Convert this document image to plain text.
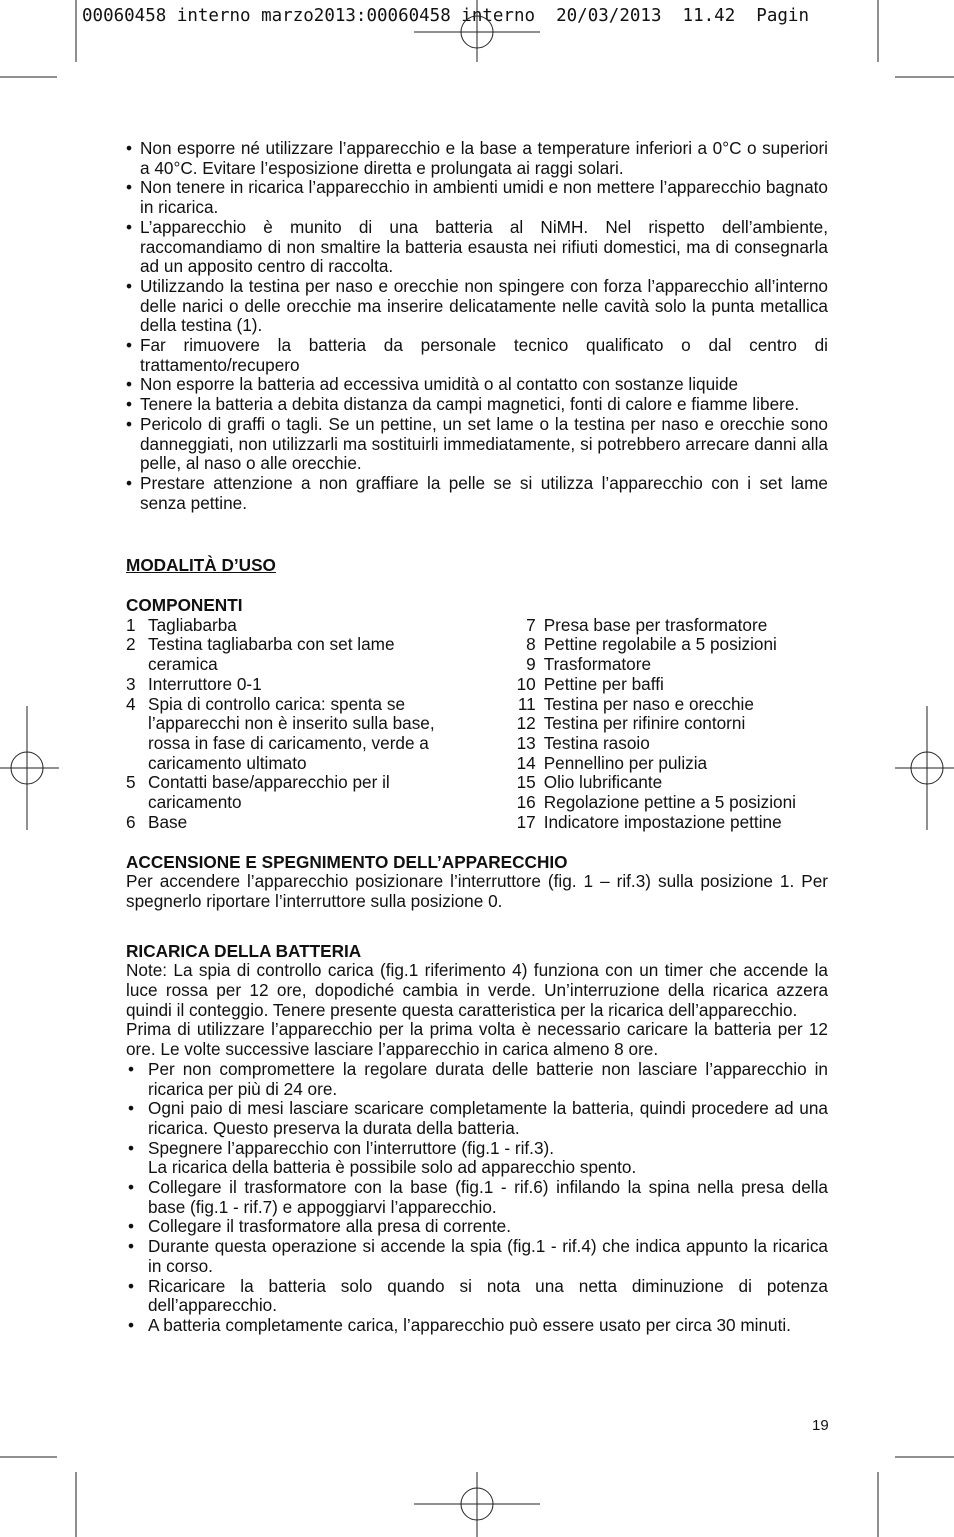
00060458 interno marzo2013:00060458 interno  20/03/2013  11.42  Pagin
• Non esporre né utilizzare l’apparecchio e la base a temperature inferiori a 0°C o superiori a 40°C. Evitare l’esposizione diretta e prolungata ai raggi solari.
• Non tenere in ricarica l’apparecchio in ambienti umidi e non mettere l’apparecchio bagnato in ricarica.
• L’apparecchio è munito di una batteria al NiMH. Nel rispetto dell’ambiente, raccomandiamo di non smaltire la batteria esausta nei rifiuti domestici, ma di consegnarla ad un apposito centro di raccolta.
• Utilizzando la testina per naso e orecchie non spingere con forza l’apparecchio all’interno delle narici o delle orecchie ma inserire delicatamente nelle cavità solo la punta metallica della testina (1).
• Far rimuovere la batteria da personale tecnico qualificato o dal centro di trattamento/recupero
• Non esporre la batteria ad eccessiva umidità o al contatto con sostanze liquide
• Tenere la batteria a debita distanza da campi magnetici, fonti di calore e fiamme libere.
• Pericolo di graffi o tagli. Se un pettine, un set lame o la testina per naso e orecchie sono danneggiati, non utilizzarli ma sostituirli immediatamente, si potrebbero arrecare danni alla pelle, al naso o alle orecchie.
• Prestare attenzione a non graffiare la pelle se si utilizza l’apparecchio con i set lame senza pettine.
MODALITÀ D’USO
COMPONENTI
1 Tagliabarba
2 Testina tagliabarba con set lame ceramica
3 Interruttore 0-1
4 Spia di controllo carica: spenta se l’apparecchi non è inserito sulla base, rossa in fase di caricamento, verde a caricamento ultimato
5 Contatti base/apparecchio per il caricamento
6 Base
7 Presa base per trasformatore
8 Pettine regolabile a 5 posizioni
9 Trasformatore
10 Pettine per baffi
11 Testina per naso e orecchie
12 Testina per rifinire contorni
13 Testina rasoio
14 Pennellino per pulizia
15 Olio lubrificante
16 Regolazione pettine a 5 posizioni
17 Indicatore impostazione pettine
ACCENSIONE E SPEGNIMENTO DELL’APPARECCHIO

Per accendere l’apparecchio posizionare l’interruttore (fig. 1 – rif.3) sulla posizione 1. Per spegnerlo riportare l’interruttore sulla posizione 0.

RICARICA DELLA BATTERIA

Note: La spia di controllo carica (fig.1 riferimento 4) funziona con un timer che accende la luce rossa per 12 ore, dopodiché cambia in verde. Un’interruzione della ricarica azzera quindi il conteggio. Tenere presente questa caratteristica per la ricarica dell’apparecchio.

Prima di utilizzare l’apparecchio per la prima volta è necessario caricare la batteria per 12 ore. Le volte successive lasciare l’apparecchio in carica almeno 8 ore.

• Per non compromettere la regolare durata delle batterie non lasciare l’apparecchio in ricarica per più di 24 ore.
• Ogni paio di mesi lasciare scaricare completamente la batteria, quindi procedere ad una ricarica. Questo preserva la durata della batteria.
• Spegnere l’apparecchio con l’interruttore (fig.1 - rif.3).
La ricarica della batteria è possibile solo ad apparecchio spento.
• Collegare il trasformatore con la base (fig.1 - rif.6) infilando la spina nella presa della base (fig.1 - rif.7) e appoggiarvi l’apparecchio.
• Collegare il trasformatore alla presa di corrente.
• Durante questa operazione si accende la spia (fig.1 - rif.4) che indica appunto la ricarica in corso.
• Ricaricare la batteria solo quando si nota una netta diminuzione di potenza dell’apparecchio.
• A batteria completamente carica, l’apparecchio può essere usato per circa 30 minuti.
19
